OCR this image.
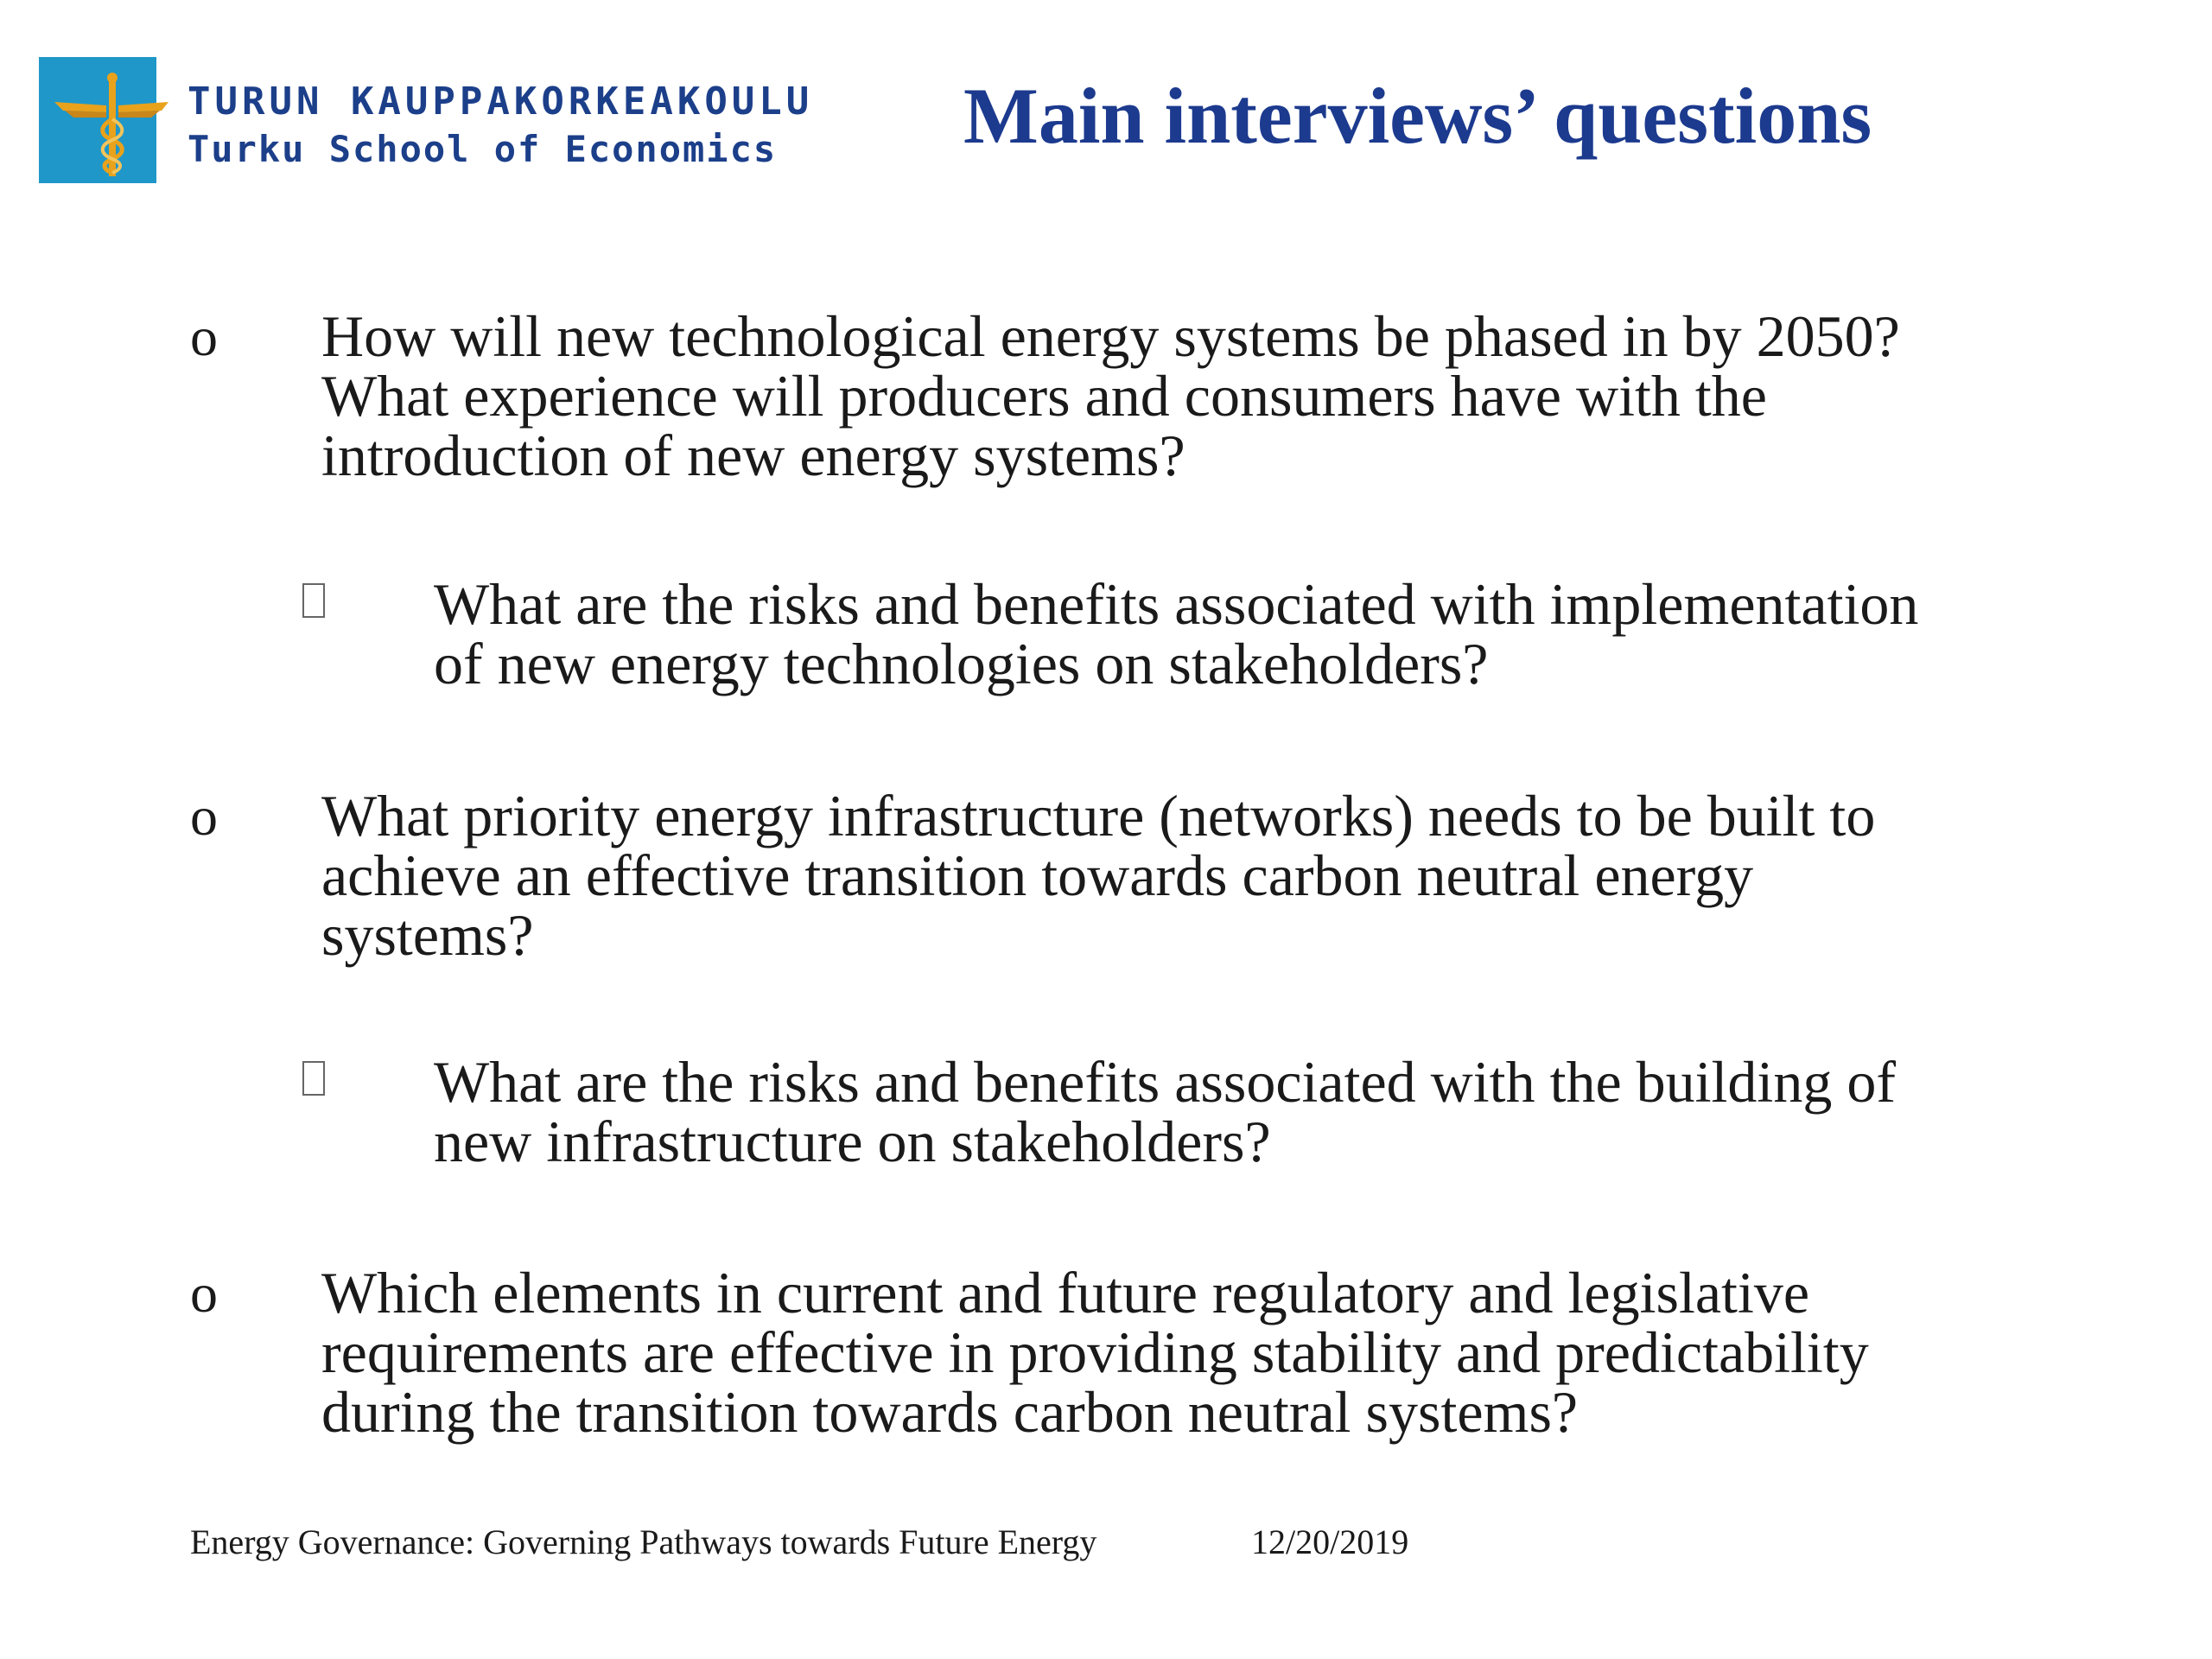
TURUN KAUPPAKORKEAKOULU
Turku School of Economics	Main interviews’ questions
o How will new technological energy systems be phased in by 2050?
What experience will producers and consumers have with the
introduction of new energy systems?
What are the risks and benefits associated with implementation
of new energy technologies on stakeholders?
o What priority energy infrastructure (networks) needs to be built to
achieve an effective transition towards carbon neutral energy
systems?
What are the risks and benefits associated with the building of
new infrastructure on stakeholders?
o Which elements in current and future regulatory and legislative
requirements are effective in providing stability and predictability
during the transition towards carbon neutral systems?
Energy Governance: Governing Pathways towards Future Energy	12/20/2019
